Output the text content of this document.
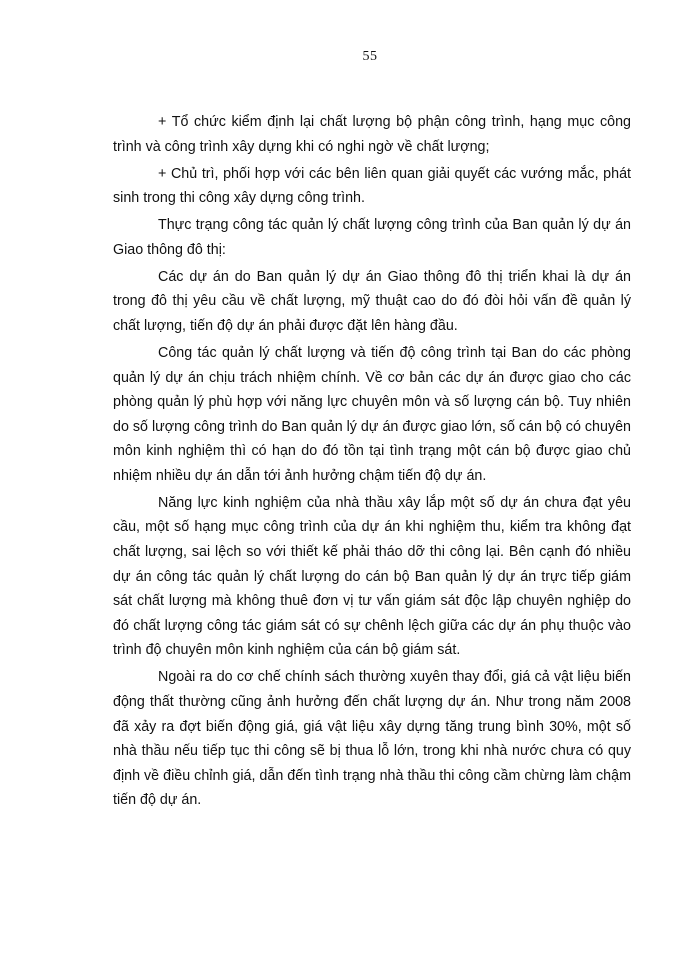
55

+ Tổ chức kiểm định lại chất lượng bộ phận công trình, hạng mục công trình và công trình xây dựng khi có nghi ngờ về chất lượng;

+ Chủ trì, phối hợp với các bên liên quan giải quyết các vướng mắc, phát sinh trong thi công xây dựng công trình.

Thực trạng công tác quản lý chất lượng công trình của Ban quản lý dự án Giao thông đô thị:

Các dự án do Ban quản lý dự án Giao thông đô thị triển khai là dự án trong đô thị yêu cầu về chất lượng, mỹ thuật cao do đó đòi hỏi vấn đề quản lý chất lượng, tiến độ dự án phải được đặt lên hàng đầu.

Công tác quản lý chất lượng và tiến độ công trình tại Ban do các phòng quản lý dự án chịu trách nhiệm chính. Về cơ bản các dự án được giao cho các phòng quản lý phù hợp với năng lực chuyên môn và số lượng cán bộ. Tuy nhiên do số lượng công trình do Ban quản lý dự án được giao lớn, số cán bộ có chuyên môn kinh nghiệm thì có hạn do đó tồn tại tình trạng một cán bộ được giao chủ nhiệm nhiều dự án dẫn tới ảnh hưởng chậm tiến độ dự án.

Năng lực kinh nghiệm của nhà thầu xây lắp một số dự án chưa đạt yêu cầu, một số hạng mục công trình của dự án khi nghiệm thu, kiểm tra không đạt chất lượng, sai lệch so với thiết kế phải tháo dỡ thi công lại. Bên cạnh đó nhiều dự án công tác quản lý chất lượng do cán bộ Ban quản lý dự án trực tiếp giám sát chất lượng mà không thuê đơn vị tư vấn giám sát độc lập chuyên nghiệp do đó chất lượng công tác giám sát có sự chênh lệch giữa các dự án phụ thuộc vào trình độ chuyên môn kinh nghiệm của cán bộ giám sát.

Ngoài ra do cơ chế chính sách thường xuyên thay đổi, giá cả vật liệu biến động thất thường cũng ảnh hưởng đến chất lượng dự án. Như trong năm 2008 đã xảy ra đợt biến động giá, giá vật liệu xây dựng tăng trung bình 30%, một số nhà thầu nếu tiếp tục thi công sẽ bị thua lỗ lớn, trong khi nhà nước chưa có quy định về điều chỉnh giá, dẫn đến tình trạng nhà thầu thi công cầm chừng làm chậm tiến độ dự án.
